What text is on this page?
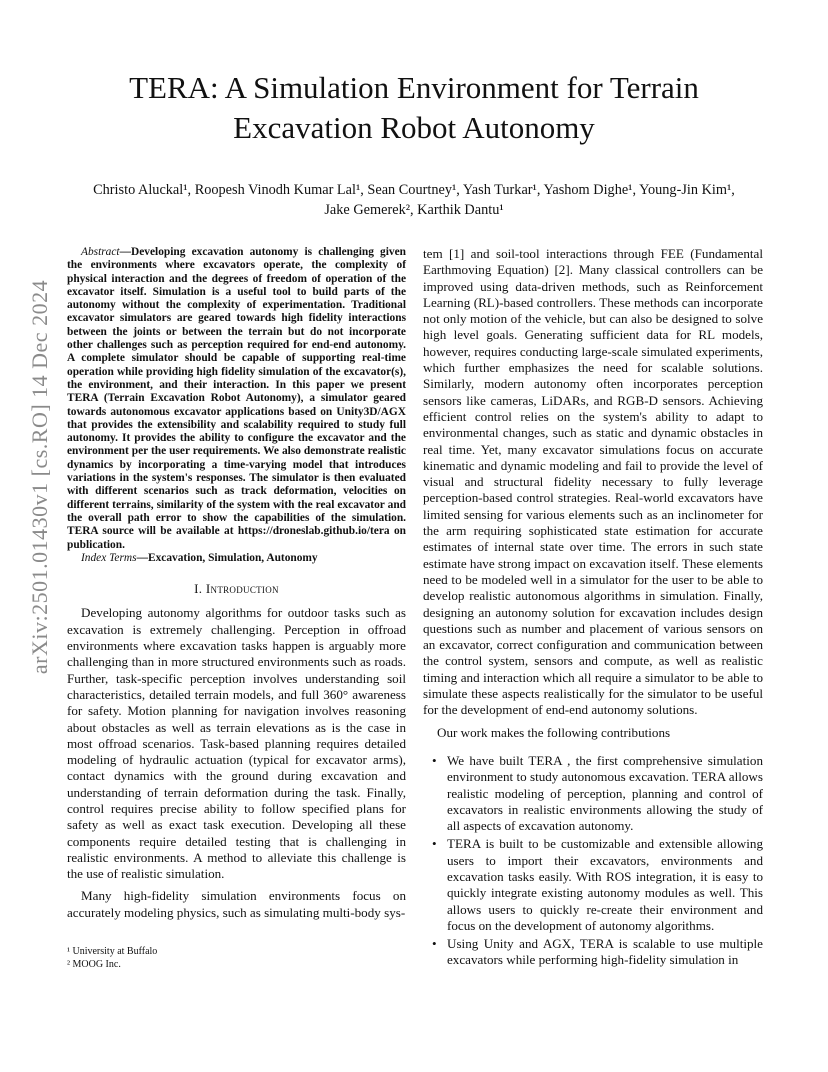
arXiv:2501.01430v1 [cs.RO] 14 Dec 2024
TERA: A Simulation Environment for Terrain
Excavation Robot Autonomy
Christo Aluckal¹, Roopesh Vinodh Kumar Lal¹, Sean Courtney¹, Yash Turkar¹, Yashom Dighe¹, Young-Jin Kim¹,
Jake Gemerek², Karthik Dantu¹

Abstract—Developing excavation autonomy is challenging given the environments where excavators operate, the complexity of physical interaction and the degrees of freedom of operation of the excavator itself. Simulation is a useful tool to build parts of the autonomy without the complexity of experimentation. Traditional excavator simulators are geared towards high fidelity interactions between the joints or between the terrain but do not incorporate other challenges such as perception required for end-end autonomy. A complete simulator should be capable of supporting real-time operation while providing high fidelity simulation of the excavator(s), the environment, and their interaction. In this paper we present TERA (Terrain Excavation Robot Autonomy), a simulator geared towards autonomous excavator applications based on Unity3D/AGX that provides the extensibility and scalability required to study full autonomy. It provides the ability to configure the excavator and the environment per the user requirements. We also demonstrate realistic dynamics by incorporating a time-varying model that introduces variations in the system's responses. The simulator is then evaluated with different scenarios such as track deformation, velocities on different terrains, similarity of the system with the real excavator and the overall path error to show the capabilities of the simulation. TERA source will be available at https://droneslab.github.io/tera on publication.

Index Terms—Excavation, Simulation, Autonomy

I. Introduction

Developing autonomy algorithms for outdoor tasks such as excavation is extremely challenging. Perception in offroad environments where excavation tasks happen is arguably more challenging than in more structured environments such as roads. Further, task-specific perception involves understanding soil characteristics, detailed terrain models, and full 360° awareness for safety. Motion planning for navigation involves reasoning about obstacles as well as terrain elevations as is the case in most offroad scenarios. Task-based planning requires detailed modeling of hydraulic actuation (typical for excavator arms), contact dynamics with the ground during excavation and understanding of terrain deformation during the task. Finally, control requires precise ability to follow specified plans for safety as well as exact task execution. Developing all these components require detailed testing that is challenging in realistic environments. A method to alleviate this challenge is the use of realistic simulation.

Many high-fidelity simulation environments focus on accurately modeling physics, such as simulating multi-body sys-

¹ University at Buffalo
² MOOG Inc.

tem [1] and soil-tool interactions through FEE (Fundamental Earthmoving Equation) [2]. Many classical controllers can be improved using data-driven methods, such as Reinforcement Learning (RL)-based controllers. These methods can incorporate not only motion of the vehicle, but can also be designed to solve high level goals. Generating sufficient data for RL models, however, requires conducting large-scale simulated experiments, which further emphasizes the need for scalable solutions. Similarly, modern autonomy often incorporates perception sensors like cameras, LiDARs, and RGB-D sensors. Achieving efficient control relies on the system's ability to adapt to environmental changes, such as static and dynamic obstacles in real time. Yet, many excavator simulations focus on accurate kinematic and dynamic modeling and fail to provide the level of visual and structural fidelity necessary to fully leverage perception-based control strategies. Real-world excavators have limited sensing for various elements such as an inclinometer for the arm requiring sophisticated state estimation for accurate estimates of internal state over time. The errors in such state estimate have strong impact on excavation itself. These elements need to be modeled well in a simulator for the user to be able to develop realistic autonomous algorithms in simulation. Finally, designing an autonomy solution for excavation includes design questions such as number and placement of various sensors on an excavator, correct configuration and communication between the control system, sensors and compute, as well as realistic timing and interaction which all require a simulator to be able to simulate these aspects realistically for the simulator to be useful for the development of end-end autonomy solutions.

Our work makes the following contributions

• We have built TERA , the first comprehensive simulation environment to study autonomous excavation. TERA allows realistic modeling of perception, planning and control of excavators in realistic environments allowing the study of all aspects of excavation autonomy.
• TERA is built to be customizable and extensible allowing users to import their excavators, environments and excavation tasks easily. With ROS integration, it is easy to quickly integrate existing autonomy modules as well. This allows users to quickly re-create their environment and focus on the development of autonomy algorithms.
• Using Unity and AGX, TERA is scalable to use multiple excavators while performing high-fidelity simulation in
